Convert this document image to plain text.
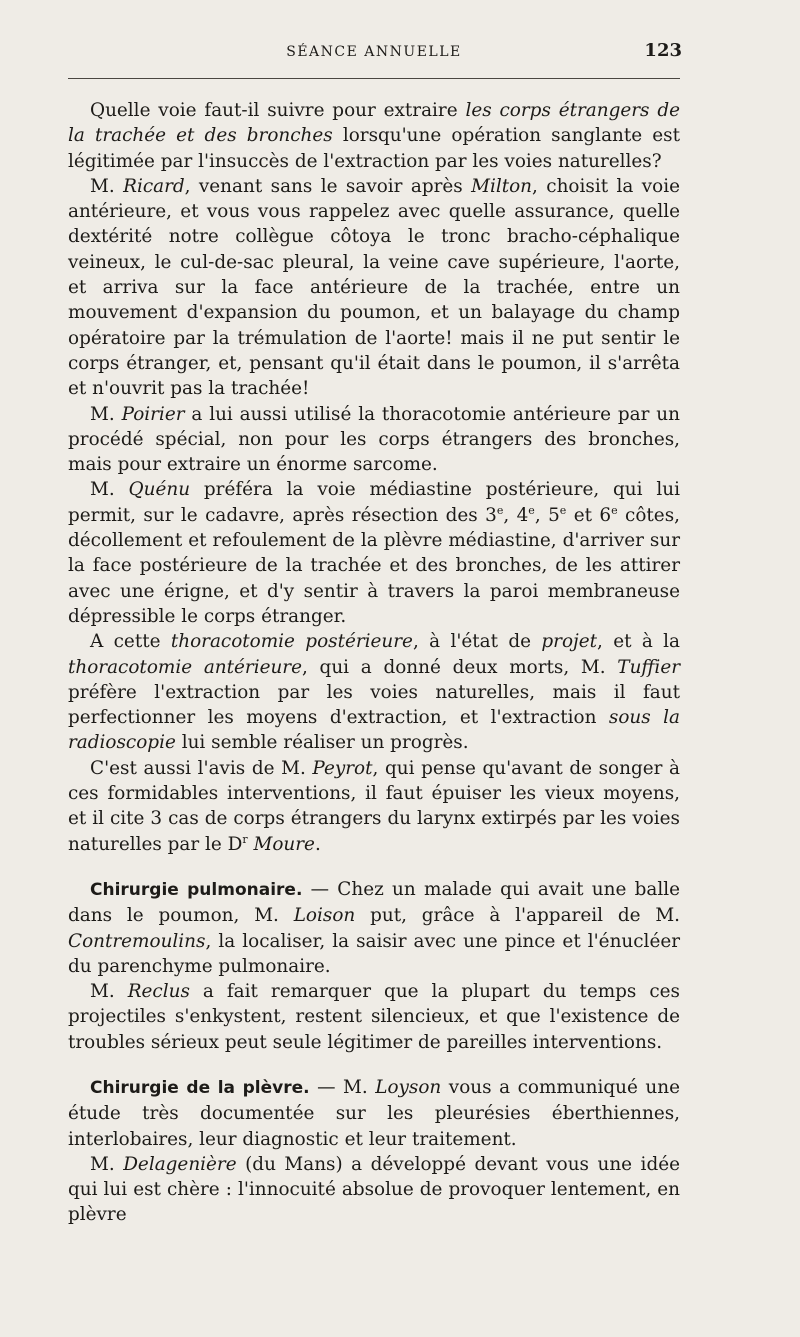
SÉANCE ANNUELLE	123

Quelle voie faut-il suivre pour extraire les corps étrangers de la trachée et des bronches lorsqu'une opération sanglante est légitimée par l'insuccès de l'extraction par les voies naturelles?

M. Ricard, venant sans le savoir après Milton, choisit la voie antérieure, et vous vous rappelez avec quelle assurance, quelle dextérité notre collègue côtoya le tronc bracho-céphalique veineux, le cul-de-sac pleural, la veine cave supérieure, l'aorte, et arriva sur la face antérieure de la trachée, entre un mouvement d'expansion du poumon, et un balayage du champ opératoire par la trémulation de l'aorte! mais il ne put sentir le corps étranger, et, pensant qu'il était dans le poumon, il s'arrêta et n'ouvrit pas la trachée!

M. Poirier a lui aussi utilisé la thoracotomie antérieure par un procédé spécial, non pour les corps étrangers des bronches, mais pour extraire un énorme sarcome.

M. Quénu préféra la voie médiastine postérieure, qui lui permit, sur le cadavre, après résection des 3e, 4e, 5e et 6e côtes, décollement et refoulement de la plèvre médiastine, d'arriver sur la face postérieure de la trachée et des bronches, de les attirer avec une érigne, et d'y sentir à travers la paroi membraneuse dépressible le corps étranger.

A cette thoracotomie postérieure, à l'état de projet, et à la thoracotomie antérieure, qui a donné deux morts, M. Tuffier préfère l'extraction par les voies naturelles, mais il faut perfectionner les moyens d'extraction, et l'extraction sous la radioscopie lui semble réaliser un progrès.

C'est aussi l'avis de M. Peyrot, qui pense qu'avant de songer à ces formidables interventions, il faut épuiser les vieux moyens, et il cite 3 cas de corps étrangers du larynx extirpés par les voies naturelles par le $D^r$ Moure.

Chirurgie pulmonaire. — Chez un malade qui avait une balle dans le poumon, M. Loison put, grâce à l'appareil de M. Contremoulins, la localiser, la saisir avec une pince et l'énucléer du parenchyme pulmonaire.

M. Reclus a fait remarquer que la plupart du temps ces projectiles s'enkystent, restent silencieux, et que l'existence de troubles sérieux peut seule légitimer de pareilles interventions.

Chirurgie de la plèvre. — M. Loyson vous a communiqué une étude très documentée sur les pleurésies éberthiennes, interlobaires, leur diagnostic et leur traitement.

M. Delagenière (du Mans) a développé devant vous une idée qui lui est chère : l'innocuité absolue de provoquer lentement, en plèvre
